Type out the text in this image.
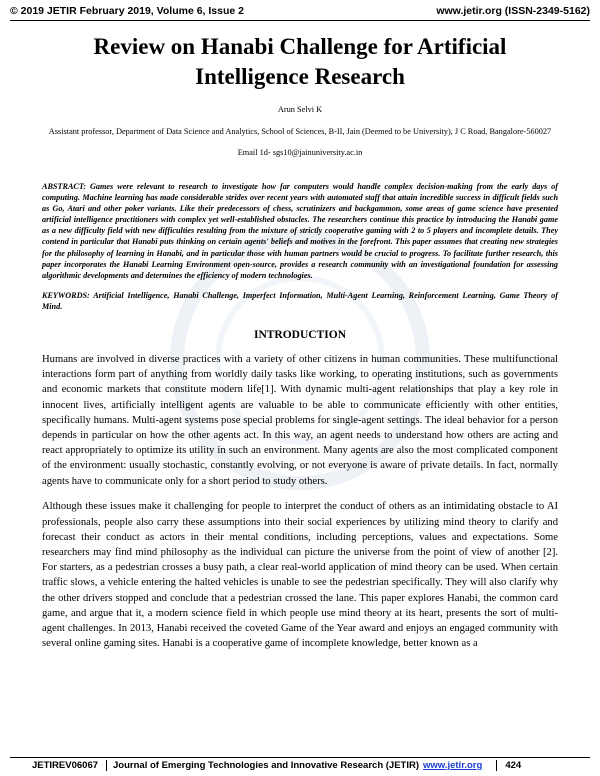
© 2019 JETIR February 2019, Volume 6, Issue 2	www.jetir.org (ISSN-2349-5162)
Review on Hanabi Challenge for Artificial Intelligence Research
Arun Selvi K
Assistant professor, Department of Data Science and Analytics, School of Sciences, B-II, Jain (Deemed to be University), J C Road, Bangalore-560027
Email 1d- sgs10@jainuniversity.ac.in
ABSTRACT: Games were relevant to research to investigate how far computers would handle complex decision-making from the early days of computing. Machine learning has made considerable strides over recent years with automated staff that attain incredible success in difficult fields such as Go, Atari and other poker variants. Like their predecessors of chess, scrutinizers and backgammon, some areas of game science have presented artificial intelligence practitioners with complex yet well-established obstacles. The researchers continue this practice by introducing the Hanabi game as a new difficulty field with new difficulties resulting from the mixture of strictly cooperative gaming with 2 to 5 players and incomplete details. They contend in particular that Hanabi puts thinking on certain agents' beliefs and motives in the forefront. This paper assumes that creating new strategies for the philosophy of learning in Hanabi, and in particular those with human partners would be crucial to progress. To facilitate further research, this paper incorporates the Hanabi Learning Environment open-source, provides a research community with an investigational foundation for assessing algorithmic developments and determines the efficiency of modern technologies.
KEYWORDS: Artificial Intelligence, Hanabi Challenge, Imperfect Information, Multi-Agent Learning, Reinforcement Learning, Game Theory of Mind.
INTRODUCTION

Humans are involved in diverse practices with a variety of other citizens in human communities. These multifunctional interactions form part of anything from worldly daily tasks like working, to operating institutions, such as governments and economic markets that constitute modern life[1]. With dynamic multi-agent relationships that play a key role in innocent lives, artificially intelligent agents are valuable to be able to communicate efficiently with other entities, specifically humans. Multi-agent systems pose special problems for single-agent settings. The ideal behavior for a person depends in particular on how the other agents act. In this way, an agent needs to understand how others are acting and react appropriately to optimize its utility in such an environment. Many agents are also the most complicated component of the environment: usually stochastic, constantly evolving, or not everyone is aware of private details. In fact, normally agents have to communicate only for a short period to study others.

Although these issues make it challenging for people to interpret the conduct of others as an intimidating obstacle to AI professionals, people also carry these assumptions into their social experiences by utilizing mind theory to clarify and forecast their conduct as actors in their mental conditions, including perceptions, values and expectations. Some researchers may find mind philosophy as the individual can picture the universe from the point of view of another [2]. For starters, as a pedestrian crosses a busy path, a clear real-world application of mind theory can be used. When certain traffic slows, a vehicle entering the halted vehicles is unable to see the pedestrian specifically. They will also clarify why the other drivers stopped and conclude that a pedestrian crossed the lane. This paper explores Hanabi, the common card game, and argue that it, a modern science field in which people use mind theory at its heart, presents the sort of multi-agent challenges. In 2013, Hanabi received the coveted Game of the Year award and enjoys an engaged community with several online gaming sites. Hanabi is a cooperative game of incomplete knowledge, better known as a

JETIREV06067	Journal of Emerging Technologies and Innovative Research (JETIR) www.jetir.org	424
